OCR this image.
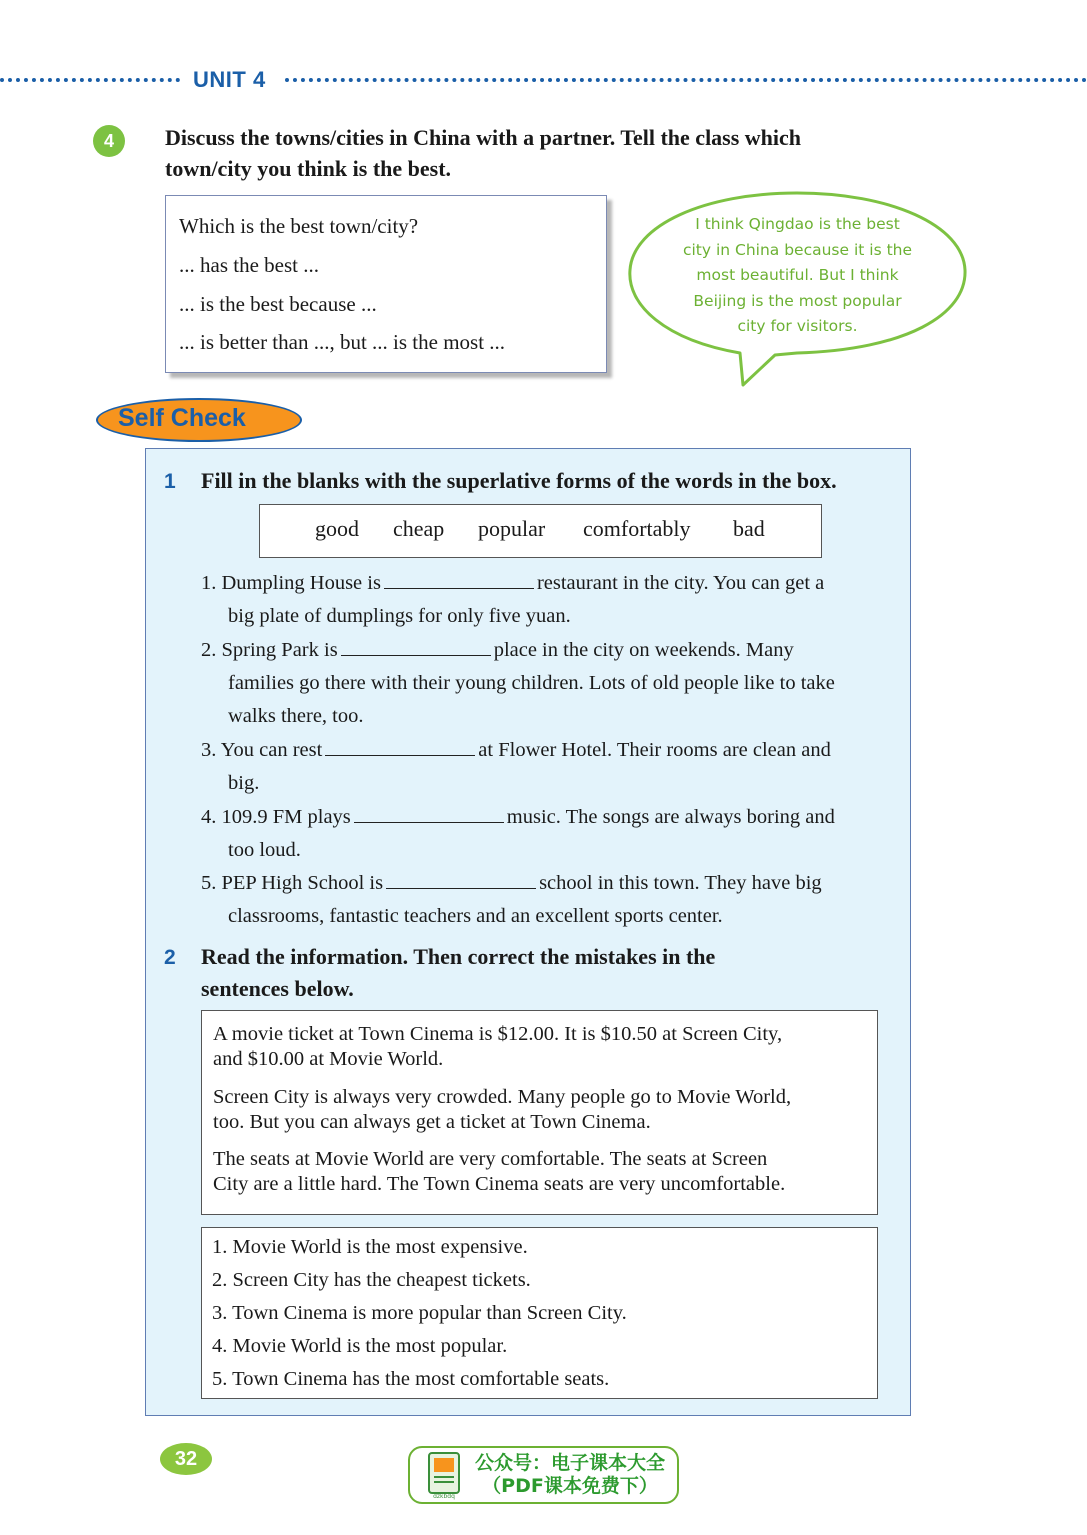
UNIT 4
4	Discuss the towns/cities in China with a partner. Tell the class which
town/city you think is the best.
Which is the best town/city?
... has the best ...
... is the best because ...
... is better than ..., but ... is the most ...
I think Qingdao is the best
city in China because it is the
most beautiful. But I think
Beijing is the most popular
city for visitors.
Self Check
1 Fill in the blanks with the superlative forms of the words in the box.
good cheap popular comfortably bad
1. Dumpling House is	restaurant in the city. You can get a
big plate of dumplings for only five yuan.
2. Spring Park is	place in the city on weekends. Many
families go there with their young children. Lots of old people like to take
walks there, too.
3. You can rest	at Flower Hotel. Their rooms are clean and
big.
4. 109.9 FM plays	music. The songs are always boring and
too loud.
5. PEP High School is	school in this town. They have big
classrooms, fantastic teachers and an excellent sports center.
2 Read the information. Then correct the mistakes in the
sentences below.
A movie ticket at Town Cinema is $12.00. It is $10.50 at Screen City,
and $10.00 at Movie World.
Screen City is always very crowded. Many people go to Movie World,
too. But you can always get a ticket at Town Cinema.
The seats at Movie World are very comfortable. The seats at Screen
City are a little hard. The Town Cinema seats are very uncomfortable.
1. Movie World is the most expensive.
2. Screen City has the cheapest tickets.
3. Town Cinema is more popular than Screen City.
4. Movie World is the most popular.
5. Town Cinema has the most comfortable seats.
32
dzkbdq
公众号：电子课本大全
（PDF课本免费下）
